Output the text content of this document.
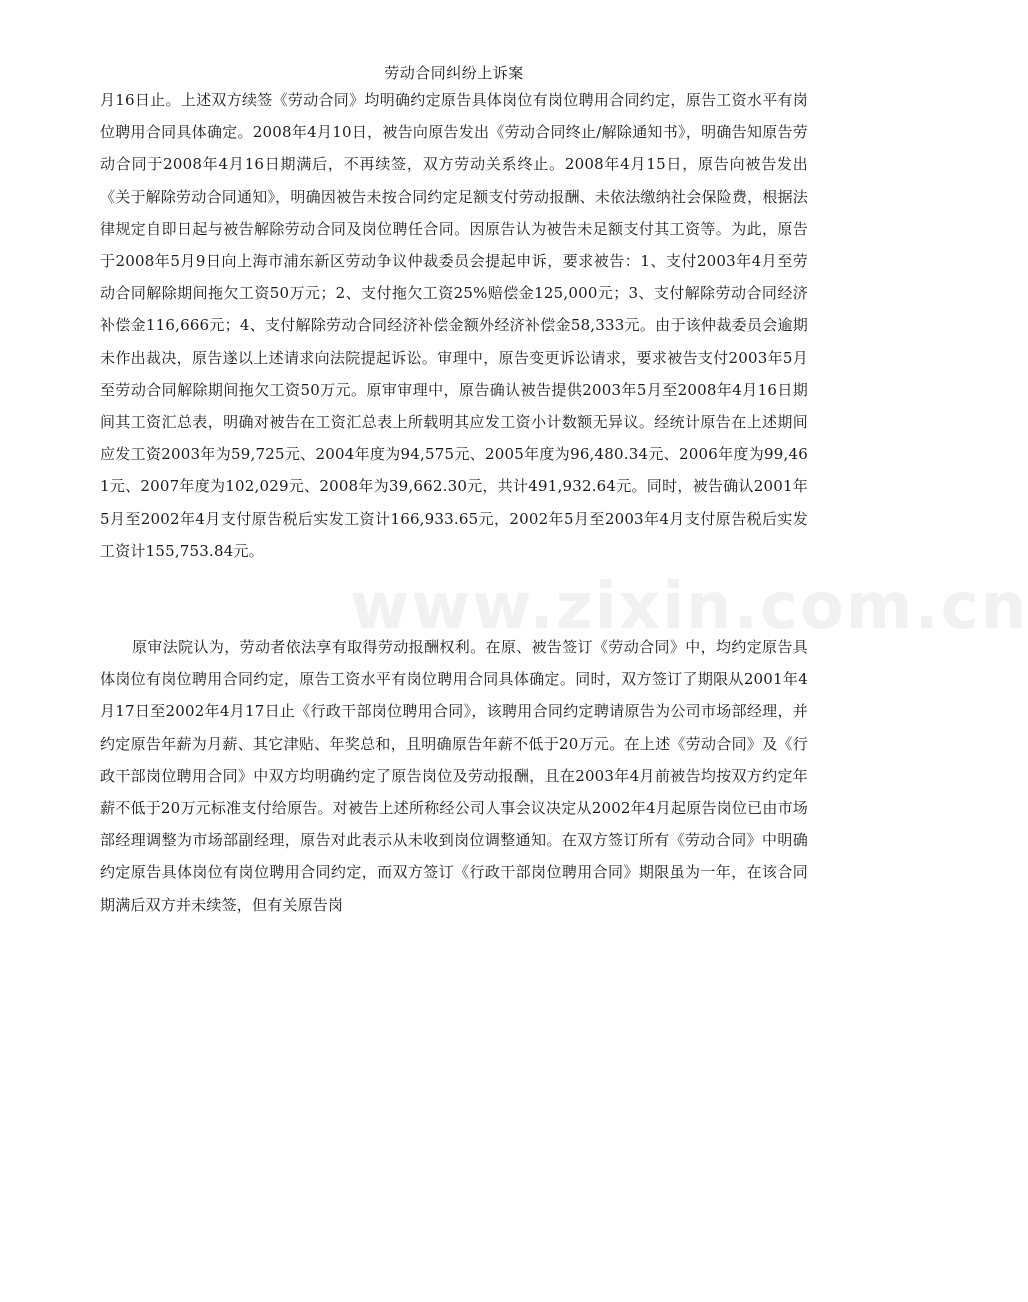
www.zixin.com.cn
劳动合同纠纷上诉案

月16日止。上述双方续签《劳动合同》均明确约定原告具体岗位有岗位聘用合同约定，原告工资水平有岗位聘用合同具体确定。2008年4月10日，被告向原告发出《劳动合同终止/解除通知书》，明确告知原告劳动合同于2008年4月16日期满后，不再续签，双方劳动关系终止。2008年4月15日，原告向被告发出《关于解除劳动合同通知》，明确因被告未按合同约定足额支付劳动报酬、未依法缴纳社会保险费，根据法律规定自即日起与被告解除劳动合同及岗位聘任合同。因原告认为被告未足额支付其工资等。为此，原告于2008年5月9日向上海市浦东新区劳动争议仲裁委员会提起申诉，要求被告：1、支付2003年4月至劳动合同解除期间拖欠工资50万元；2、支付拖欠工资25%赔偿金125,000元；3、支付解除劳动合同经济补偿金116,666元；4、支付解除劳动合同经济补偿金额外经济补偿金58,333元。由于该仲裁委员会逾期未作出裁决，原告遂以上述请求向法院提起诉讼。审理中，原告变更诉讼请求，要求被告支付2003年5月至劳动合同解除期间拖欠工资50万元。原审审理中，原告确认被告提供2003年5月至2008年4月16日期间其工资汇总表，明确对被告在工资汇总表上所载明其应发工资小计数额无异议。经统计原告在上述期间应发工资2003年为59,725元、2004年度为94,575元、2005年度为96,480.34元、2006年度为99,461元、2007年度为102,029元、2008年为39,662.30元，共计491,932.64元。同时，被告确认2001年5月至2002年4月支付原告税后实发工资计166,933.65元，2002年5月至2003年4月支付原告税后实发工资计155,753.84元。

原审法院认为，劳动者依法享有取得劳动报酬权利。在原、被告签订《劳动合同》中，均约定原告具体岗位有岗位聘用合同约定，原告工资水平有岗位聘用合同具体确定。同时，双方签订了期限从2001年4月17日至2002年4月17日止《行政干部岗位聘用合同》，该聘用合同约定聘请原告为公司市场部经理，并约定原告年薪为月薪、其它津贴、年奖总和，且明确原告年薪不低于20万元。在上述《劳动合同》及《行政干部岗位聘用合同》中双方均明确约定了原告岗位及劳动报酬，且在2003年4月前被告均按双方约定年薪不低于20万元标准支付给原告。对被告上述所称经公司人事会议决定从2002年4月起原告岗位已由市场部经理调整为市场部副经理，原告对此表示从未收到岗位调整通知。在双方签订所有《劳动合同》中明确约定原告具体岗位有岗位聘用合同约定，而双方签订《行政干部岗位聘用合同》期限虽为一年，在该合同期满后双方并未续签，但有关原告岗
